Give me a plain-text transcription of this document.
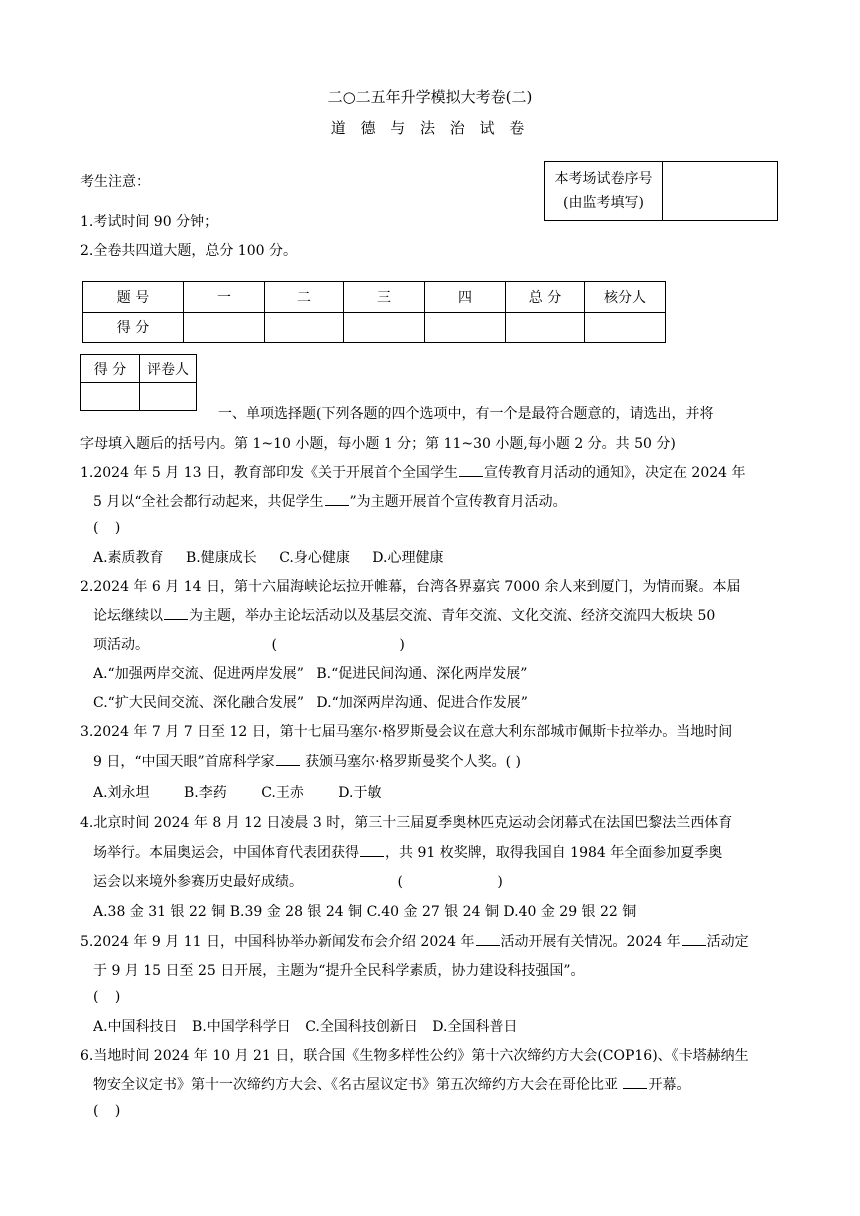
二○二五年升学模拟大考卷(二)
道 德 与 法 治 试 卷
考生注意：
1.考试时间 90 分钟；
2.全卷共四道大题，总分 100 分。
本考场试卷序号
(由监考填写)

题 号	一	二	三	四	总 分	核分人
得 分						
得 分	评卷人

一、单项选择题(下列各题的四个选项中，有一个是最符合题意的，请选出，并将
字母填入题后的括号内。第 1~10 小题，每小题 1 分；第 11~30 小题,每小题 2 分。共 50 分)
1.2024 年 5 月 13 日，教育部印发《关于开展首个全国学生 宣传教育月活动的通知》，决定在 2024 年
5 月以“全社会都行动起来，共促学生 ”为主题开展首个宣传教育月活动。
( )
A.素质教育 B.健康成长 C.身心健康 D.心理健康
2.2024 年 6 月 14 日，第十六届海峡论坛拉开帷幕，台湾各界嘉宾 7000 余人来到厦门，为情而聚。本届
论坛继续以 为主题，举办主论坛活动以及基层交流、青年交流、文化交流、经济交流四大板块 50
项活动。 ( )
A.“加强两岸交流、促进两岸发展” B.“促进民间沟通、深化两岸发展”
C.“扩大民间交流、深化融合发展” D.“加深两岸沟通、促进合作发展”
3.2024 年 7 月 7 日至 12 日，第十七届马塞尔·格罗斯曼会议在意大利东部城市佩斯卡拉举办。当地时间
9 日，“中国天眼”首席科学家 获颁马塞尔·格罗斯曼奖个人奖。( )
A.刘永坦 B.李药 C.王赤 D.于敏
4.北京时间 2024 年 8 月 12 日凌晨 3 时，第三十三届夏季奥林匹克运动会闭幕式在法国巴黎法兰西体育
场举行。本届奥运会，中国体育代表团获得 ，共 91 枚奖牌，取得我国自 1984 年全面参加夏季奥
运会以来境外参赛历史最好成绩。 ( )
A.38 金 31 银 22 铜 B.39 金 28 银 24 铜 C.40 金 27 银 24 铜 D.40 金 29 银 22 铜
5.2024 年 9 月 11 日，中国科协举办新闻发布会介绍 2024 年 活动开展有关情况。2024 年 活动定
于 9 月 15 日至 25 日开展，主题为“提升全民科学素质，协力建设科技强国”。
( )
A.中国科技日 B.中国学科学日 C.全国科技创新日 D.全国科普日
6.当地时间 2024 年 10 月 21 日，联合国《生物多样性公约》第十六次缔约方大会(COP16)、《卡塔赫纳生
物安全议定书》第十一次缔约方大会、《名古屋议定书》第五次缔约方大会在哥伦比亚 开幕。
( )
